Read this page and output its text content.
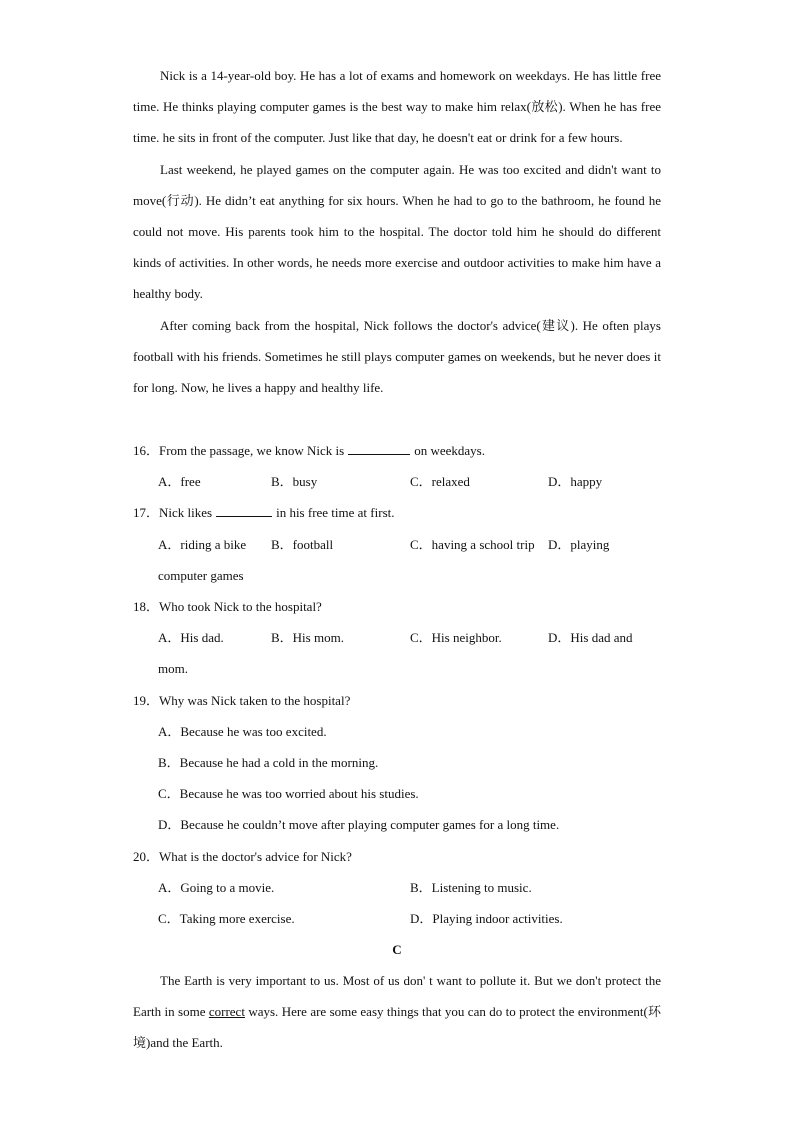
Nick is a 14-year-old boy. He has a lot of exams and homework on weekdays. He has little free time. He thinks playing computer games is the best way to make him relax(放松). When he has free time. he sits in front of the computer. Just like that day, he doesn't eat or drink for a few hours.

Last weekend, he played games on the computer again. He was too excited and didn't want to move(行动). He didn’t eat anything for six hours. When he had to go to the bathroom, he found he could not move. His parents took him to the hospital. The doctor told him he should do different kinds of activities. In other words, he needs more exercise and outdoor activities to make him have a healthy body.

After coming back from the hospital, Nick follows the doctor's advice(建议). He often plays football with his friends. Sometimes he still plays computer games on weekends, but he never does it for long. Now, he lives a happy and healthy life.

16．From the passage, we know Nick is	on weekdays.
A．free	B．busy	C．relaxed	D．happy
17．Nick likes	in his free time at first.
A．riding a bike B．football	C．having a school trip D．playing
computer games
18．Who took Nick to the hospital?
A．His dad.	B．His mom.	C．His neighbor.	D．His dad and
mom.
19．Why was Nick taken to the hospital?
A．Because he was too excited.
B．Because he had a cold in the morning.
C．Because he was too worried about his studies.
D．Because he couldn’t move after playing computer games for a long time.
20．What is the doctor's advice for Nick?
A．Going to a movie.	B．Listening to music.
C．Taking more exercise.	D．Playing indoor activities.
C

The Earth is very important to us. Most of us don' t want to pollute it. But we don't protect the Earth in some correct ways. Here are some easy things that you can do to protect the environment(环境)and the Earth.
